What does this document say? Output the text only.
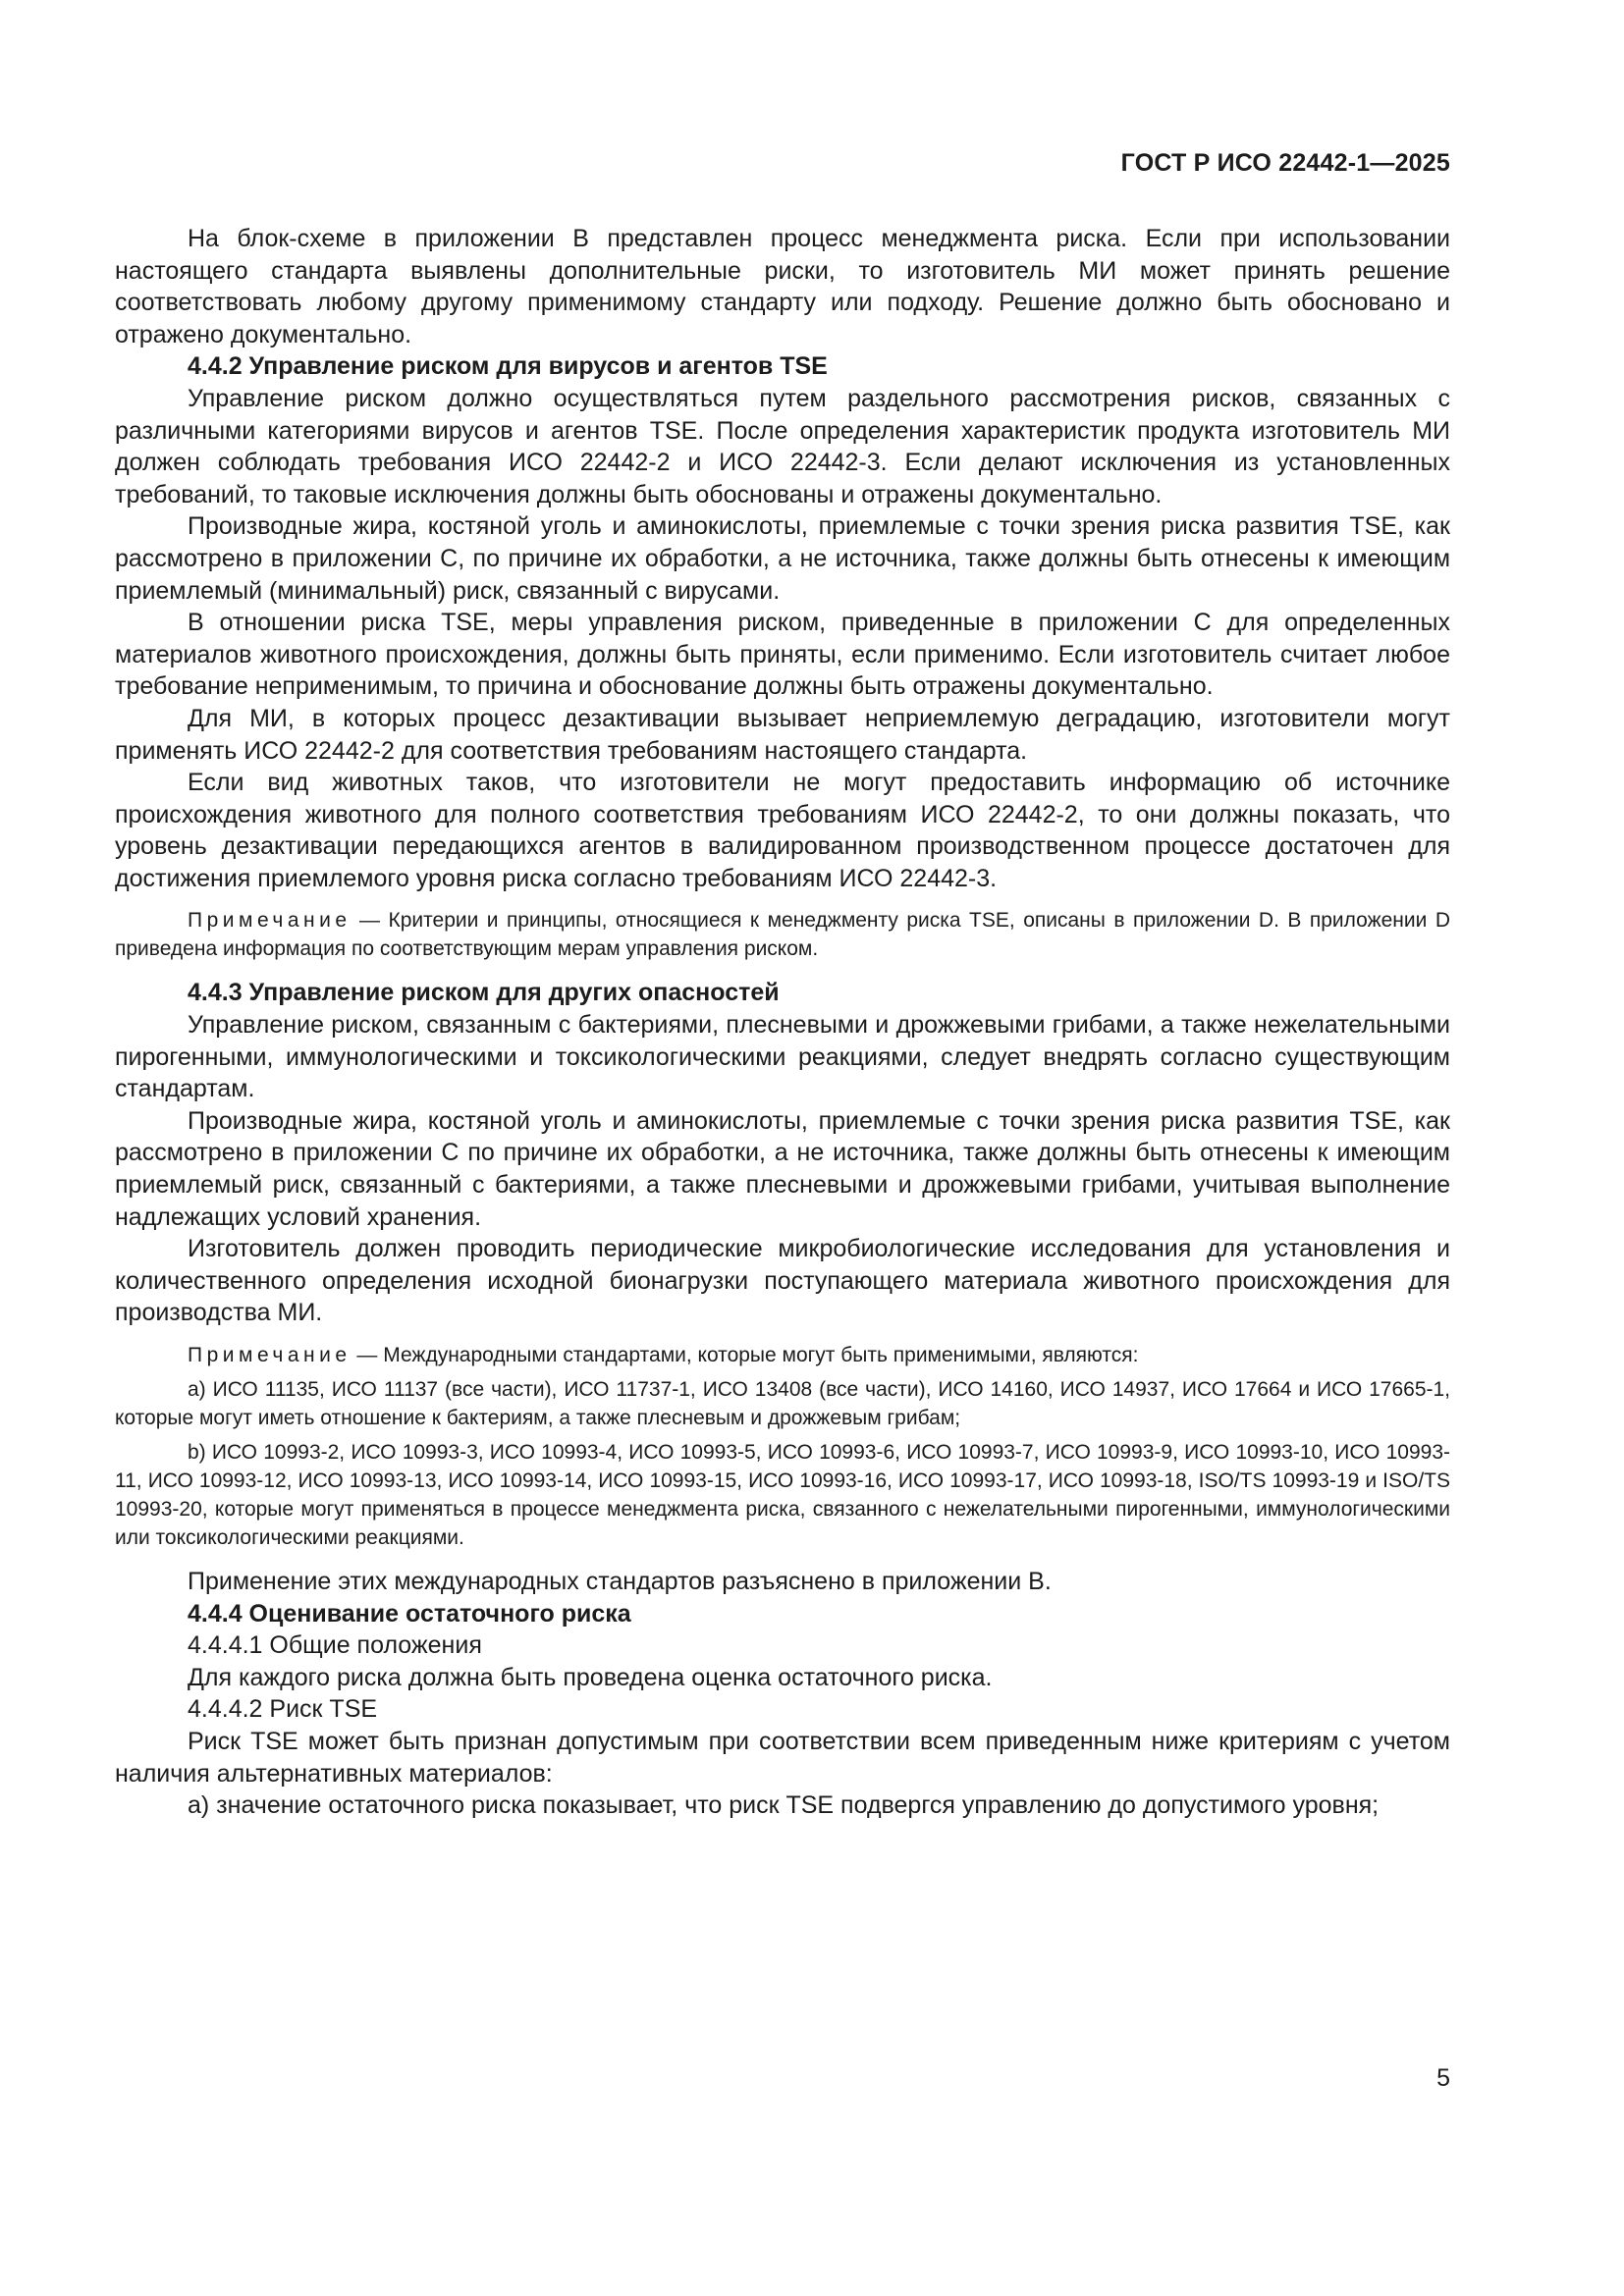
ГОСТ Р ИСО 22442-1—2025

На блок-схеме в приложении В представлен процесс менеджмента риска. Если при использовании настоящего стандарта выявлены дополнительные риски, то изготовитель МИ может принять решение соответствовать любому другому применимому стандарту или подходу. Решение должно быть обосновано и отражено документально.

4.4.2 Управление риском для вирусов и агентов TSE

Управление риском должно осуществляться путем раздельного рассмотрения рисков, связанных с различными категориями вирусов и агентов TSE. После определения характеристик продукта изготовитель МИ должен соблюдать требования ИСО 22442-2 и ИСО 22442-3. Если делают исключения из установленных требований, то таковые исключения должны быть обоснованы и отражены документально.

Производные жира, костяной уголь и аминокислоты, приемлемые с точки зрения риска развития TSE, как рассмотрено в приложении С, по причине их обработки, а не источника, также должны быть отнесены к имеющим приемлемый (минимальный) риск, связанный с вирусами.

В отношении риска TSE, меры управления риском, приведенные в приложении С для определенных материалов животного происхождения, должны быть приняты, если применимо. Если изготовитель считает любое требование неприменимым, то причина и обоснование должны быть отражены документально.

Для МИ, в которых процесс дезактивации вызывает неприемлемую деградацию, изготовители могут применять ИСО 22442-2 для соответствия требованиям настоящего стандарта.

Если вид животных таков, что изготовители не могут предоставить информацию об источнике происхождения животного для полного соответствия требованиям ИСО 22442-2, то они должны показать, что уровень дезактивации передающихся агентов в валидированном производственном процессе достаточен для достижения приемлемого уровня риска согласно требованиям ИСО 22442-3.

Примечание — Критерии и принципы, относящиеся к менеджменту риска TSE, описаны в приложении D. В приложении D приведена информация по соответствующим мерам управления риском.

4.4.3 Управление риском для других опасностей

Управление риском, связанным с бактериями, плесневыми и дрожжевыми грибами, а также нежелательными пирогенными, иммунологическими и токсикологическими реакциями, следует внедрять согласно существующим стандартам.

Производные жира, костяной уголь и аминокислоты, приемлемые с точки зрения риска развития TSE, как рассмотрено в приложении С по причине их обработки, а не источника, также должны быть отнесены к имеющим приемлемый риск, связанный с бактериями, а также плесневыми и дрожжевыми грибами, учитывая выполнение надлежащих условий хранения.

Изготовитель должен проводить периодические микробиологические исследования для установления и количественного определения исходной бионагрузки поступающего материала животного происхождения для производства МИ.

Примечание — Международными стандартами, которые могут быть применимыми, являются:

a) ИСО 11135, ИСО 11137 (все части), ИСО 11737-1, ИСО 13408 (все части), ИСО 14160, ИСО 14937, ИСО 17664 и ИСО 17665-1, которые могут иметь отношение к бактериям, а также плесневым и дрожжевым грибам;

b) ИСО 10993-2, ИСО 10993-3, ИСО 10993-4, ИСО 10993-5, ИСО 10993-6, ИСО 10993-7, ИСО 10993-9, ИСО 10993-10, ИСО 10993-11, ИСО 10993-12, ИСО 10993-13, ИСО 10993-14, ИСО 10993-15, ИСО 10993-16, ИСО 10993-17, ИСО 10993-18, ISO/TS 10993-19 и ISO/TS 10993-20, которые могут применяться в процессе менеджмента риска, связанного с нежелательными пирогенными, иммунологическими или токсикологическими реакциями.

Применение этих международных стандартов разъяснено в приложении В.

4.4.4 Оценивание остаточного риска

4.4.4.1 Общие положения

Для каждого риска должна быть проведена оценка остаточного риска.

4.4.4.2 Риск TSE

Риск TSE может быть признан допустимым при соответствии всем приведенным ниже критериям с учетом наличия альтернативных материалов:

a) значение остаточного риска показывает, что риск TSE подвергся управлению до допустимого уровня;

5
